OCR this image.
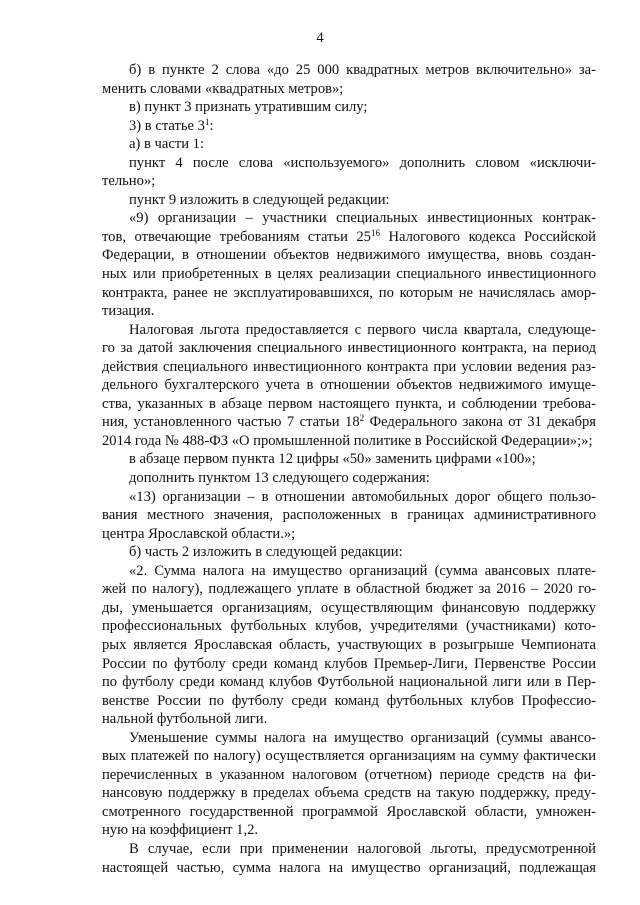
4
б) в пункте 2 слова «до 25 000 квадратных метров включительно» за-
менить словами «квадратных метров»;
в) пункт 3 признать утратившим силу;
3) в статье $3^1$:
а) в части 1:
пункт 4 после слова «используемого» дополнить словом «исключи-
тельно»;
пункт 9 изложить в следующей редакции:
«9) организации – участники специальных инвестиционных контрак-
тов, отвечающие требованиям статьи $25^{16}$ Налогового кодекса Российской
Федерации, в отношении объектов недвижимого имущества, вновь создан-
ных или приобретенных в целях реализации специального инвестиционного
контракта, ранее не эксплуатировавшихся, по которым не начислялась амор-
тизация.
Налоговая льгота предоставляется с первого числа квартала, следующе-
го за датой заключения специального инвестиционного контракта, на период
действия специального инвестиционного контракта при условии ведения раз-
дельного бухгалтерского учета в отношении объектов недвижимого имуще-
ства, указанных в абзаце первом настоящего пункта, и соблюдении требова-
ния, установленного частью 7 статьи $18^2$ Федерального закона от 31 декабря
2014 года № 488-ФЗ «О промышленной политике в Российской Федерации»;»;
в абзаце первом пункта 12 цифры «50» заменить цифрами «100»;
дополнить пунктом 13 следующего содержания:
«13) организации – в отношении автомобильных дорог общего пользо-
вания местного значения, расположенных в границах административного
центра Ярославской области.»;
б) часть 2 изложить в следующей редакции:
«2. Сумма налога на имущество организаций (сумма авансовых плате-
жей по налогу), подлежащего уплате в областной бюджет за 2016 – 2020 го-
ды, уменьшается организациям, осуществляющим финансовую поддержку
профессиональных футбольных клубов, учредителями (участниками) кото-
рых является Ярославская область, участвующих в розыгрыше Чемпионата
России по футболу среди команд клубов Премьер-Лиги, Первенстве России
по футболу среди команд клубов Футбольной национальной лиги или в Пер-
венстве России по футболу среди команд футбольных клубов Профессио-
нальной футбольной лиги.
Уменьшение суммы налога на имущество организаций (суммы авансо-
вых платежей по налогу) осуществляется организациям на сумму фактически
перечисленных в указанном налоговом (отчетном) периоде средств на фи-
нансовую поддержку в пределах объема средств на такую поддержку, преду-
смотренного государственной программой Ярославской области, умножен-
ную на коэффициент 1,2.
В случае, если при применении налоговой льготы, предусмотренной
настоящей частью, сумма налога на имущество организаций, подлежащая
